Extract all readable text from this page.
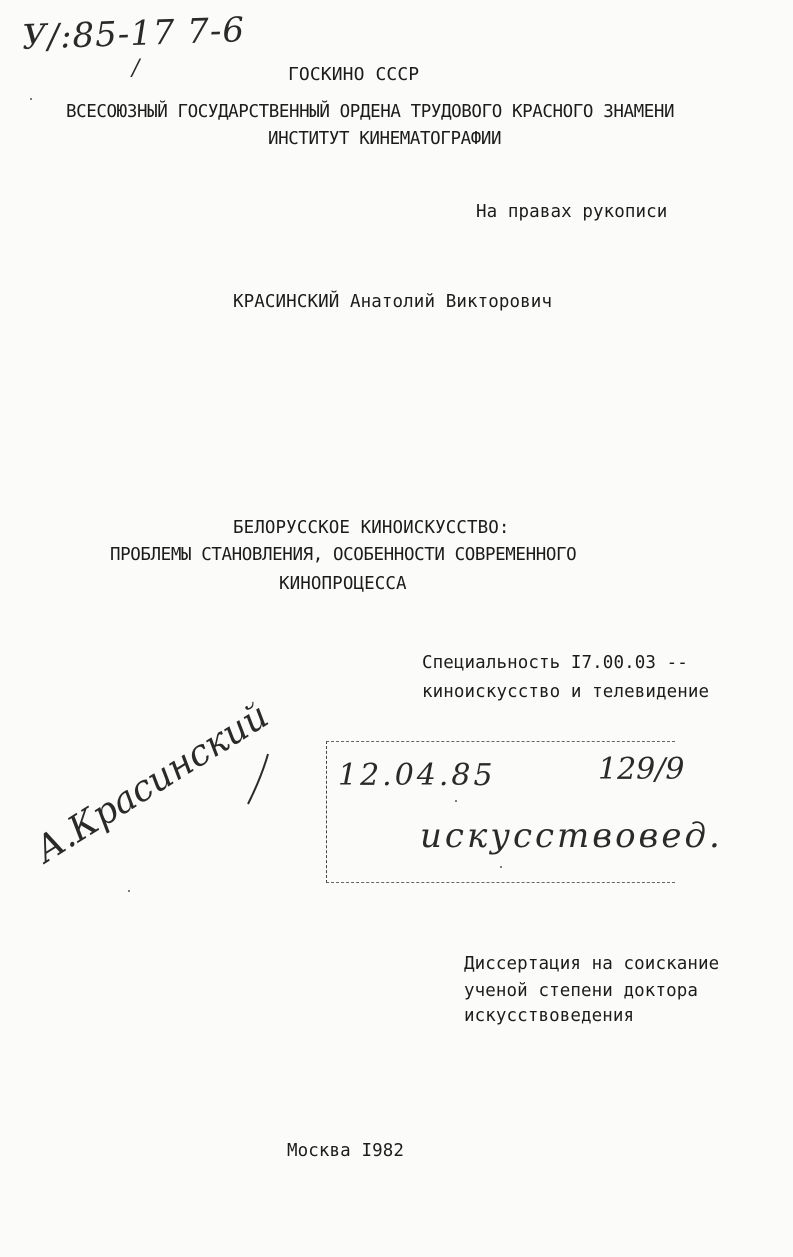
У/:85-17 7-6
/	ГОСКИНО СССР
ВСЕСОЮЗНЫЙ ГОСУДАРСТВЕННЫЙ ОРДЕНА ТРУДОВОГО КРАСНОГО ЗНАМЕНИ
ИНСТИТУТ КИНЕМАТОГРАФИИ
На правах рукописи
КРАСИНСКИЙ Анатолий Викторович
БЕЛОРУССКОЕ КИНОИСКУССТВО:
ПРОБЛЕМЫ СТАНОВЛЕНИЯ, ОСОБЕННОСТИ СОВРЕМЕННОГО
КИНОПРОЦЕССА
Специальность I7.00.03 --
киноискусство и телевидение
12.04.85	129/9
искусствовед.
А.Красинский
Диссертация на соискание
ученой степени доктора
искусствоведения
Москва I982
